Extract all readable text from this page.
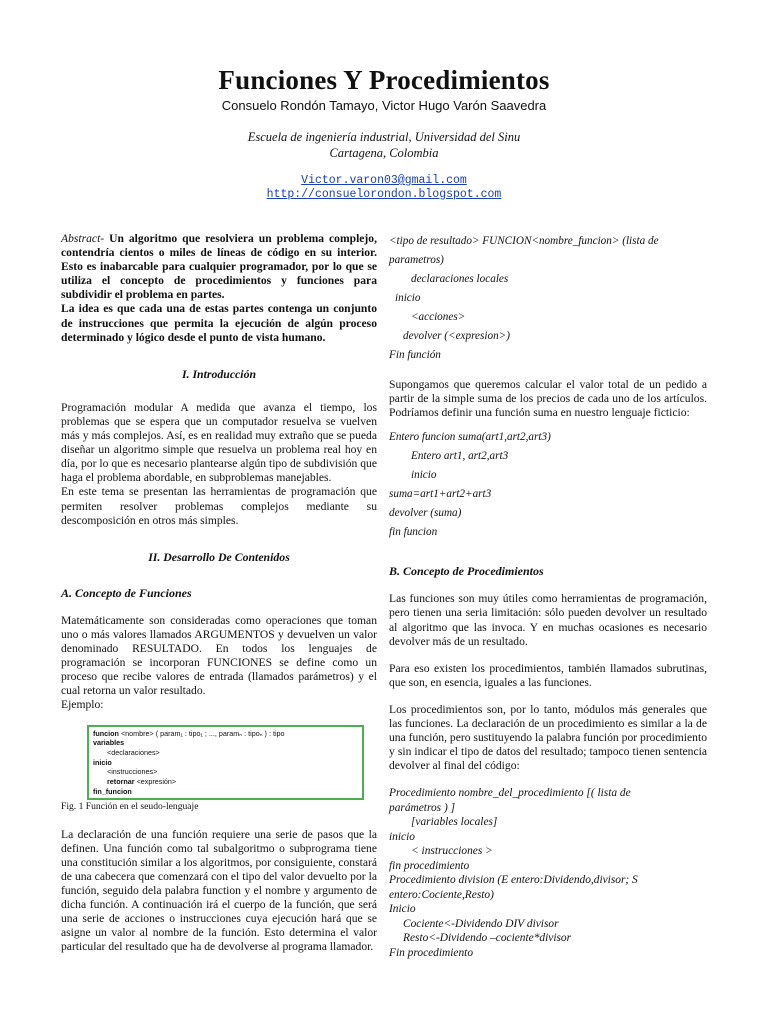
Funciones Y Procedimientos

Consuelo Rondón Tamayo, Victor Hugo Varón Saavedra

Escuela de ingeniería industrial, Universidad del Sinu
Cartagena, Colombia
Victor.varon03@gmail.com
http://consuelorondon.blogspot.com

Abstract- Un algoritmo que resolviera un problema complejo, contendría cientos o miles de líneas de código en su interior. Esto es inabarcable para cualquier programador, por lo que se utiliza el concepto de procedimientos y funciones para subdividir el problema en partes.

La idea es que cada una de estas partes contenga un conjunto de instrucciones que permita la ejecución de algún proceso determinado y lógico desde el punto de vista humano.

I. Introducción

Programación modular A medida que avanza el tiempo, los problemas que se espera que un computador resuelva se vuelven más y más complejos. Así, es en realidad muy extraño que se pueda diseñar un algoritmo simple que resuelva un problema real hoy en día, por lo que es necesario plantearse algún tipo de subdivisión que haga el problema abordable, en subproblemas manejables.

En este tema se presentan las herramientas de programación que permiten resolver problemas complejos mediante su descomposición en otros más simples.

II. Desarrollo De Contenidos
A. Concepto de Funciones

Matemáticamente son consideradas como operaciones que toman uno o más valores llamados ARGUMENTOS y devuelven un valor denominado RESULTADO. En todos los lenguajes de programación se incorporan FUNCIONES se define como un proceso que recibe valores de entrada (llamados parámetros) y el cual retorna un valor resultado.

Ejemplo:

funcion <nombre> ( param₁ : tipo₁ ; ..., paramₙ : tipoₙ ) : tipo
variables
<declaraciones>
inicio
<instrucciones>
retornar <expresión>
fin_funcion

Fig. 1 Función en el seudo-lenguaje

La declaración de una función requiere una serie de pasos que la definen. Una función como tal subalgoritmo o subprograma tiene una constitución similar a los algoritmos, por consiguiente, constará de una cabecera que comenzará con el tipo del valor devuelto por la función, seguido dela palabra function y el nombre y argumento de dicha función. A continuación irá el cuerpo de la función, que será una serie de acciones o instrucciones cuya ejecución hará que se asigne un valor al nombre de la función. Esto determina el valor particular del resultado que ha de devolverse al programa llamador.

<tipo de resultado> FUNCION<nombre_funcion> (lista de
parametros)
declaraciones locales
inicio
<acciones>
devolver (<expresion>)
Fin función

Supongamos que queremos calcular el valor total de un pedido a partir de la simple suma de los precios de cada uno de los artículos. Podríamos definir una función suma en nuestro lenguaje ficticio:

Entero funcion suma(art1,art2,art3)
Entero art1, art2,art3
inicio
suma=art1+art2+art3
devolver (suma)
fin funcion
B. Concepto de Procedimientos

Las funciones son muy útiles como herramientas de programación, pero tienen una seria limitación: sólo pueden devolver un resultado al algoritmo que las invoca. Y en muchas ocasiones es necesario devolver más de un resultado.

Para eso existen los procedimientos, también llamados subrutinas, que son, en esencia, iguales a las funciones.

Los procedimientos son, por lo tanto, módulos más generales que las funciones. La declaración de un procedimiento es similar a la de una función, pero sustituyendo la palabra función por procedimiento y sin indicar el tipo de datos del resultado; tampoco tienen sentencia devolver al final del código:

Procedimiento nombre_del_procedimiento [( lista de
parámetros ) ]
[variables locales]
inicio
< instrucciones >
fin procedimiento
Procedimiento division (E entero:Dividendo,divisor; S
entero:Cociente,Resto)
Inicio
Cociente<-Dividendo DIV divisor
Resto<-Dividendo –cociente*divisor
Fin procedimiento
